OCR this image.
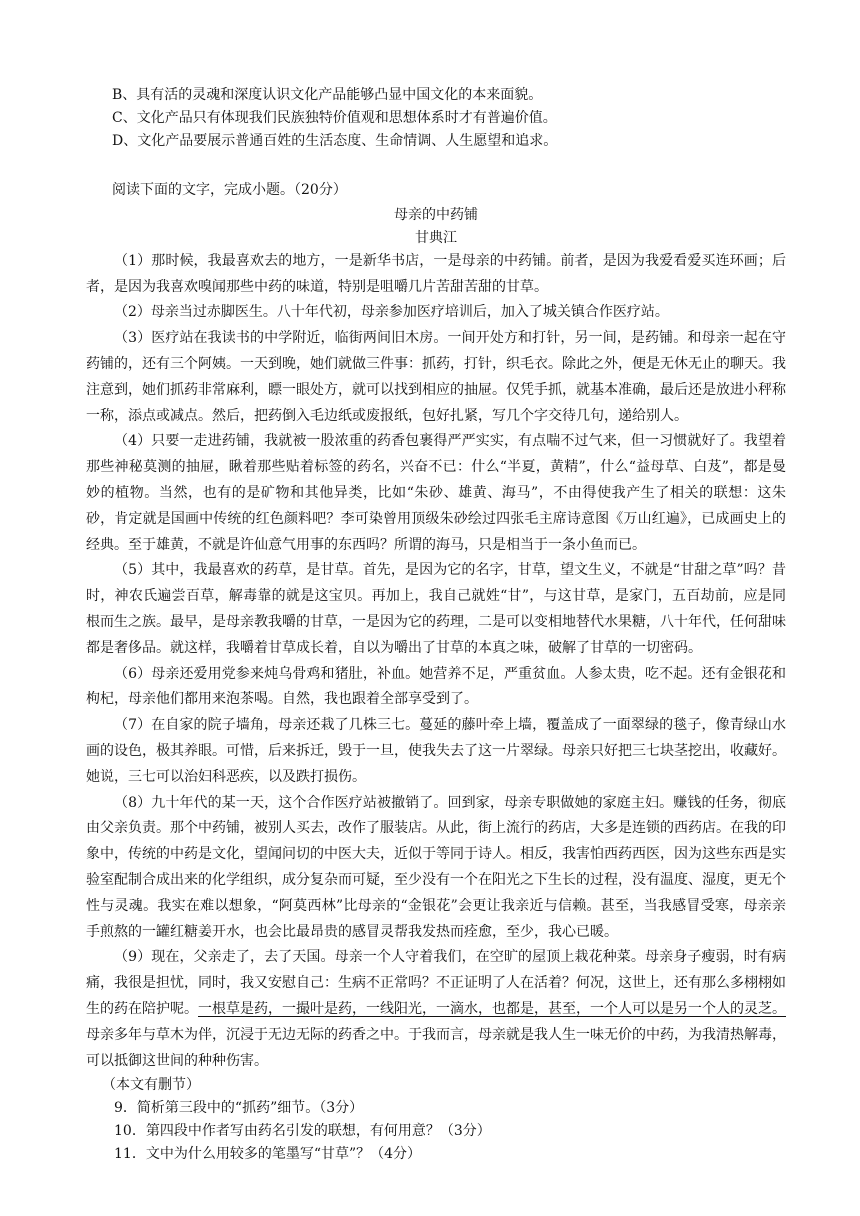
B、具有活的灵魂和深度认识文化产品能够凸显中国文化的本来面貌。
C、文化产品只有体现我们民族独特价值观和思想体系时才有普遍价值。
D、文化产品要展示普通百姓的生活态度、生命情调、人生愿望和追求。
阅读下面的文字，完成小题。（20分）
母亲的中药铺
甘典江

（1）那时候，我最喜欢去的地方，一是新华书店，一是母亲的中药铺。前者，是因为我爱看爱买连环画；后者，是因为我喜欢嗅闻那些中药的味道，特别是咀嚼几片苦甜苦甜的甘草。

（2）母亲当过赤脚医生。八十年代初，母亲参加医疗培训后，加入了城关镇合作医疗站。

（3）医疗站在我读书的中学附近，临街两间旧木房。一间开处方和打针，另一间，是药铺。和母亲一起在守药铺的，还有三个阿姨。一天到晚，她们就做三件事：抓药，打针，织毛衣。除此之外，便是无休无止的聊天。我注意到，她们抓药非常麻利，瞟一眼处方，就可以找到相应的抽屉。仅凭手抓，就基本准确，最后还是放进小秤称一称，添点或减点。然后，把药倒入毛边纸或废报纸，包好扎紧，写几个字交待几句，递给别人。

（4）只要一走进药铺，我就被一股浓重的药香包裹得严严实实，有点喘不过气来，但一习惯就好了。我望着那些神秘莫测的抽屉，瞅着那些贴着标签的药名，兴奋不已：什么“半夏，黄精”，什么“益母草、白芨”，都是曼妙的植物。当然，也有的是矿物和其他异类，比如“朱砂、雄黄、海马”，不由得使我产生了相关的联想：这朱砂，肯定就是国画中传统的红色颜料吧？李可染曾用顶级朱砂绘过四张毛主席诗意图《万山红遍》，已成画史上的经典。至于雄黄，不就是许仙意气用事的东西吗？所谓的海马，只是相当于一条小鱼而已。

（5）其中，我最喜欢的药草，是甘草。首先，是因为它的名字，甘草，望文生义，不就是“甘甜之草”吗？昔时，神农氏遍尝百草，解毒靠的就是这宝贝。再加上，我自己就姓“甘”，与这甘草，是家门，五百劫前，应是同根而生之族。最早，是母亲教我嚼的甘草，一是因为它的药理，二是可以变相地替代水果糖，八十年代，任何甜味都是奢侈品。就这样，我嚼着甘草成长着，自以为嚼出了甘草的本真之味，破解了甘草的一切密码。

（6）母亲还爱用党参来炖乌骨鸡和猪肚，补血。她营养不足，严重贫血。人参太贵，吃不起。还有金银花和枸杞，母亲他们都用来泡茶喝。自然，我也跟着全部享受到了。

（7）在自家的院子墙角，母亲还栽了几株三七。蔓延的藤叶牵上墙，覆盖成了一面翠绿的毯子，像青绿山水画的设色，极其养眼。可惜，后来拆迁，毁于一旦，使我失去了这一片翠绿。母亲只好把三七块茎挖出，收藏好。她说，三七可以治妇科恶疾，以及跌打损伤。

（8）九十年代的某一天，这个合作医疗站被撤销了。回到家，母亲专职做她的家庭主妇。赚钱的任务，彻底由父亲负责。那个中药铺，被别人买去，改作了服装店。从此，街上流行的药店，大多是连锁的西药店。在我的印象中，传统的中药是文化，望闻问切的中医大夫，近似于等同于诗人。相反，我害怕西药西医，因为这些东西是实验室配制合成出来的化学组织，成分复杂而可疑，至少没有一个在阳光之下生长的过程，没有温度、湿度，更无个性与灵魂。我实在难以想象，“阿莫西林”比母亲的“金银花”会更让我亲近与信赖。甚至，当我感冒受寒，母亲亲手煎熬的一罐红糖姜开水，也会比最昂贵的感冒灵帮我发热而痊愈，至少，我心已暖。

（9）现在，父亲走了，去了天国。母亲一个人守着我们，在空旷的屋顶上栽花种菜。母亲身子瘦弱，时有病痛，我很是担忧，同时，我又安慰自己：生病不正常吗？不正证明了人在活着？何况，这世上，还有那么多栩栩如生的药在陪护呢。一根草是药，一撮叶是药，一线阳光，一滴水，也都是，甚至，一个人可以是另一个人的灵芝。母亲多年与草木为伴，沉浸于无边无际的药香之中。于我而言，母亲就是我人生一味无价的中药，为我清热解毒，可以抵御这世间的种种伤害。

（本文有删节）
9．简析第三段中的“抓药”细节。（3分）
10．第四段中作者写由药名引发的联想，有何用意？（3分）
11．文中为什么用较多的笔墨写“甘草”？（4分）
